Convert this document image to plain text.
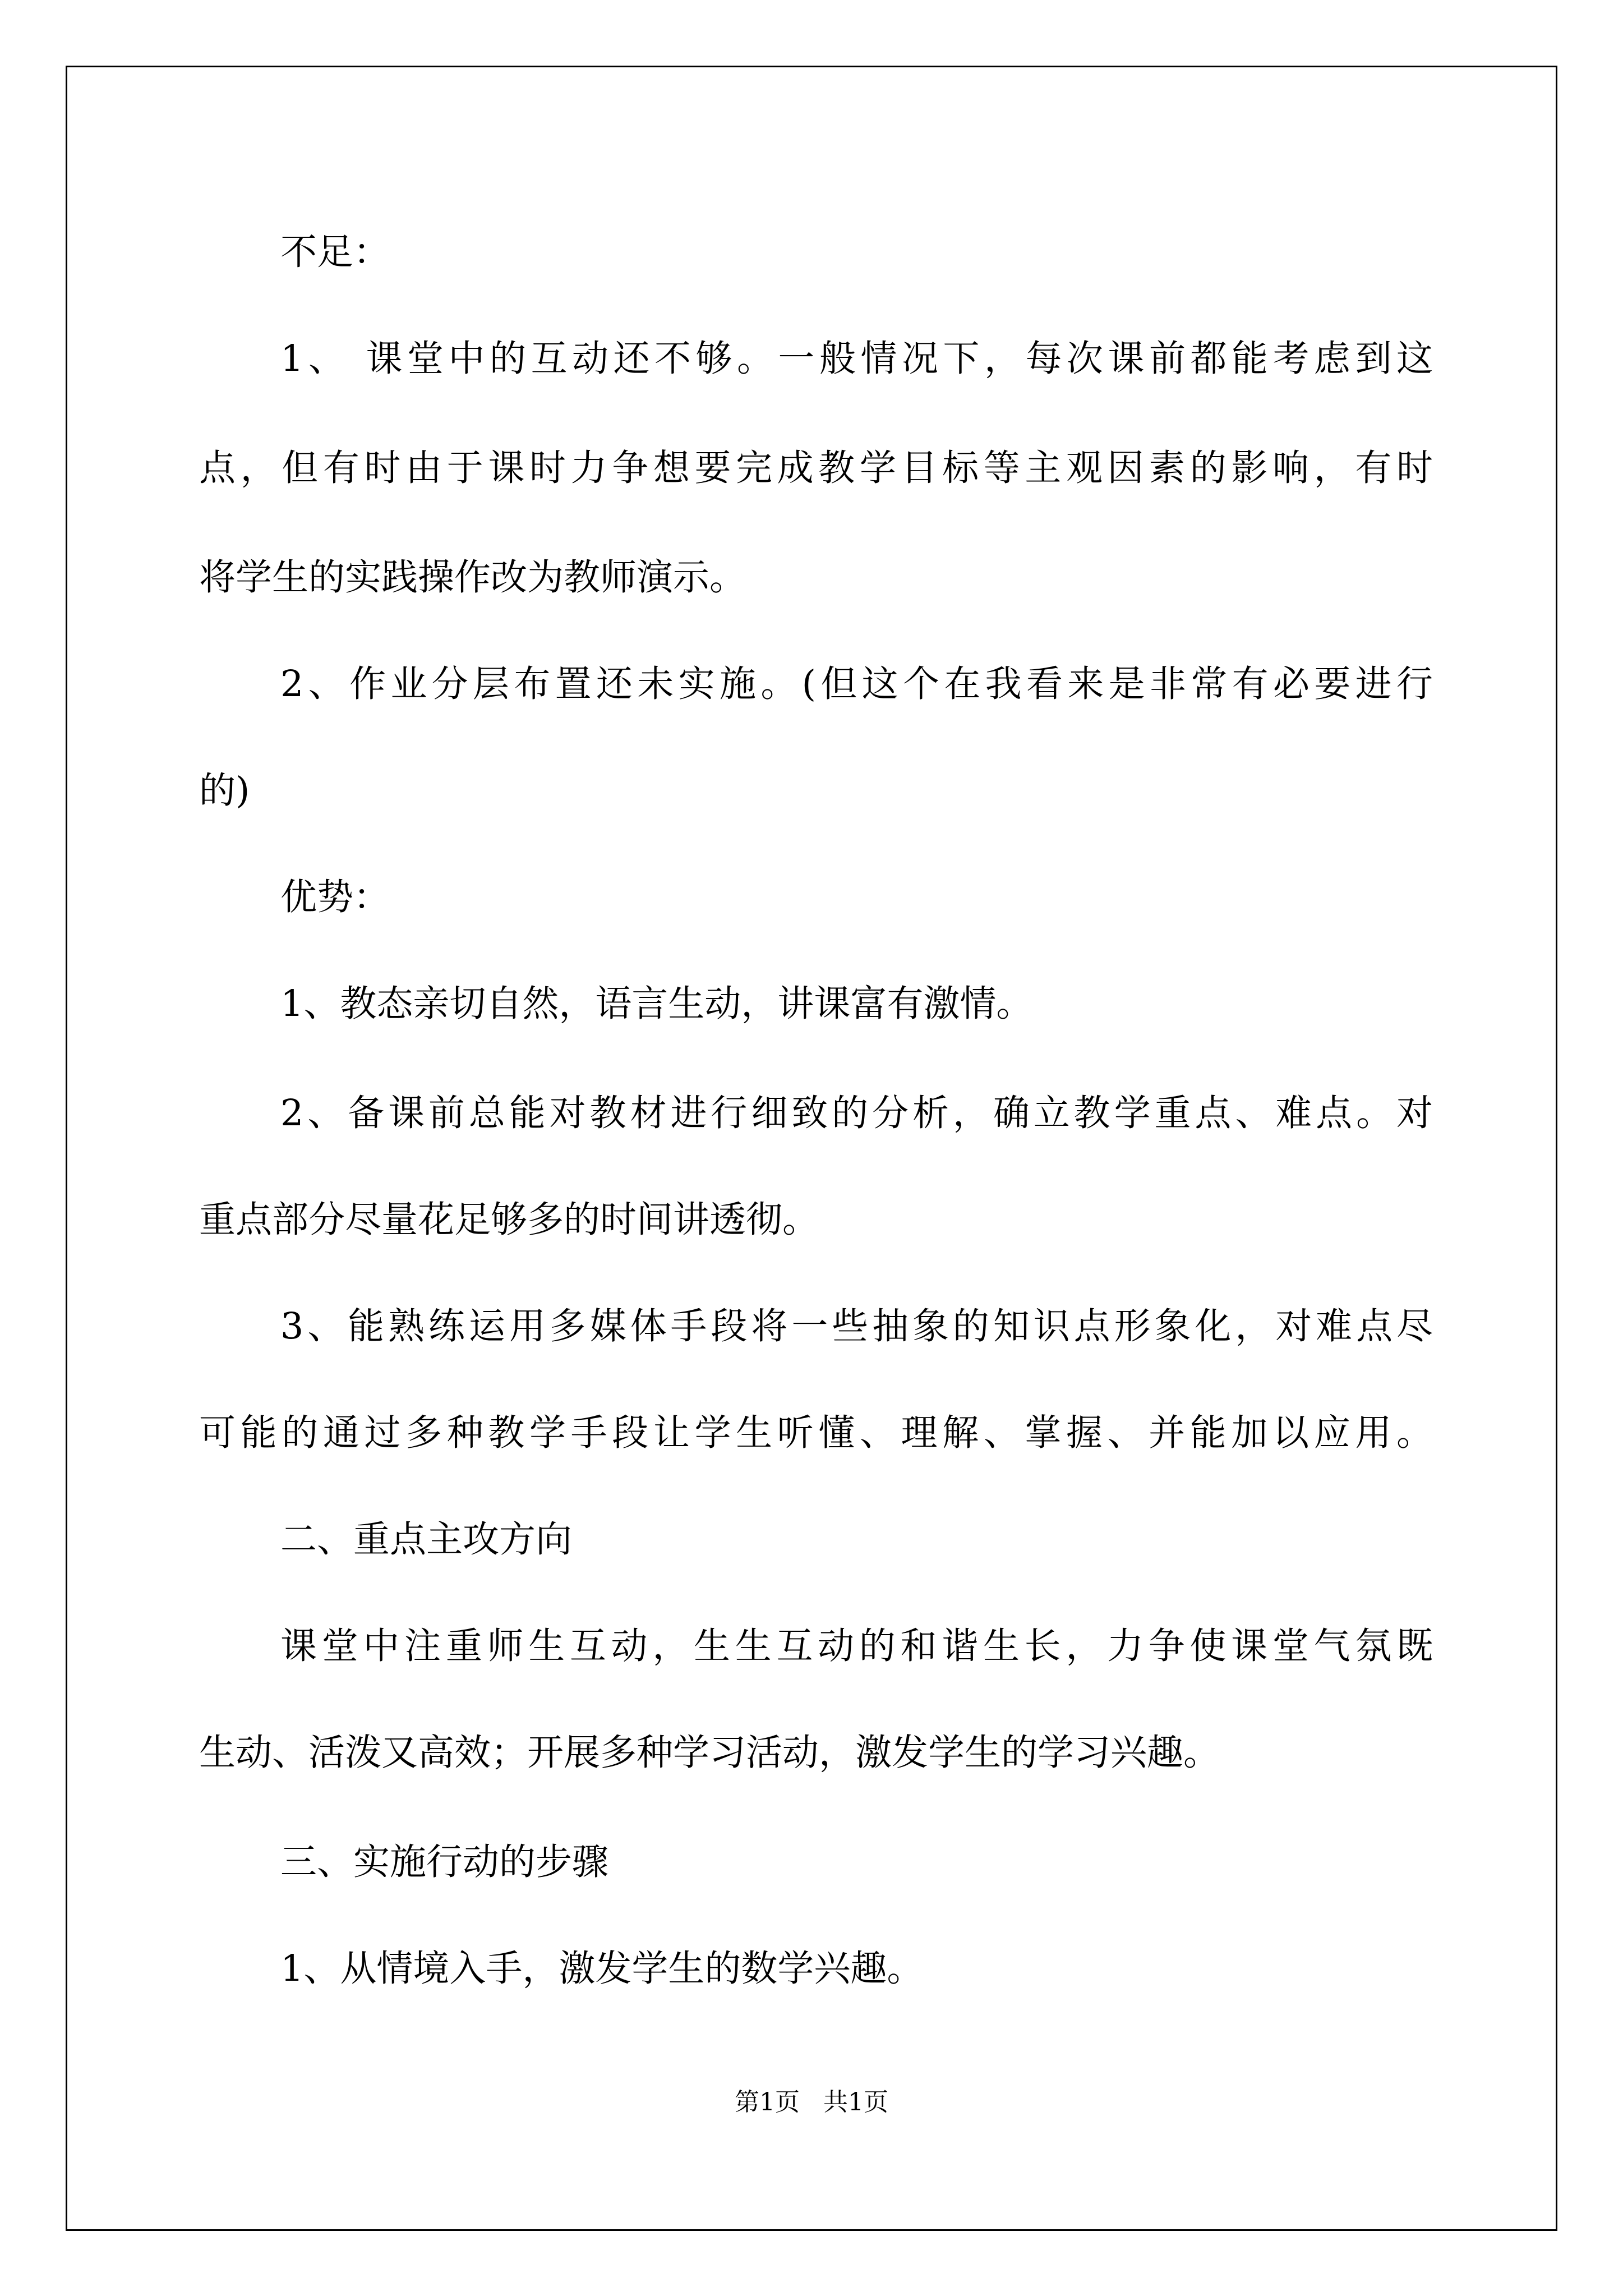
不足：
1、 课堂中的互动还不够。一般情况下，每次课前都能考虑到这
点，但有时由于课时力争想要完成教学目标等主观因素的影响，有时
将学生的实践操作改为教师演示。
2、作业分层布置还未实施。(但这个在我看来是非常有必要进行
的)
优势：
1、教态亲切自然，语言生动，讲课富有激情。
2、备课前总能对教材进行细致的分析，确立教学重点、难点。对
重点部分尽量花足够多的时间讲透彻。
3、能熟练运用多媒体手段将一些抽象的知识点形象化，对难点尽
可能的通过多种教学手段让学生听懂、理解、掌握、并能加以应用。
二、重点主攻方向
课堂中注重师生互动，生生互动的和谐生长，力争使课堂气氛既
生动、活泼又高效；开展多种学习活动，激发学生的学习兴趣。
三、实施行动的步骤
1、从情境入手，激发学生的数学兴趣。
第1页   共1页
